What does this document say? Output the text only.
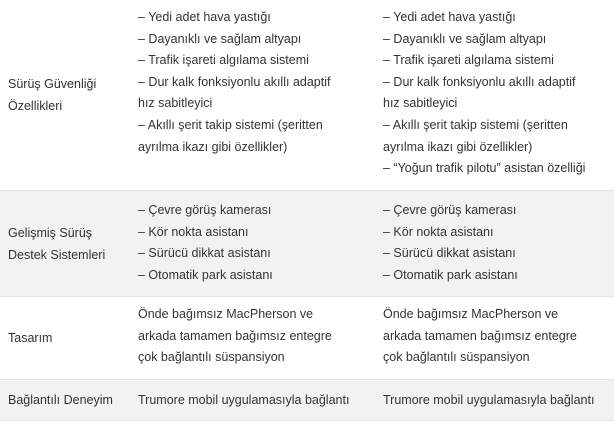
Sürüş Güvenliği Özellikleri
– Yedi adet hava yastığı
– Dayanıklı ve sağlam altyapı
– Trafik işareti algılama sistemi
– Dur kalk fonksiyonlu akıllı adaptif
hız sabitleyici
– Akıllı şerit takip sistemi (şeritten
ayrılma ikazı gibi özellikler)
– Yedi adet hava yastığı
– Dayanıklı ve sağlam altyapı
– Trafik işareti algılama sistemi
– Dur kalk fonksiyonlu akıllı adaptif
hız sabitleyici
– Akıllı şerit takip sistemi (şeritten
ayrılma ikazı gibi özellikler)
– “Yoğun trafik pilotu” asistan özelliği
Gelişmiş Sürüş Destek Sistemleri
– Çevre görüş kamerası
– Kör nokta asistanı
– Sürücü dikkat asistanı
– Otomatik park asistanı
– Çevre görüş kamerası
– Kör nokta asistanı
– Sürücü dikkat asistanı
– Otomatik park asistanı
Tasarım
Önde bağımsız MacPherson ve
arkada tamamen bağımsız entegre
çok bağlantılı süspansiyon
Önde bağımsız MacPherson ve
arkada tamamen bağımsız entegre
çok bağlantılı süspansiyon
Bağlantılı Deneyim Trumore mobil uygulamasıyla bağlantı	Trumore mobil uygulamasıyla bağlantı
